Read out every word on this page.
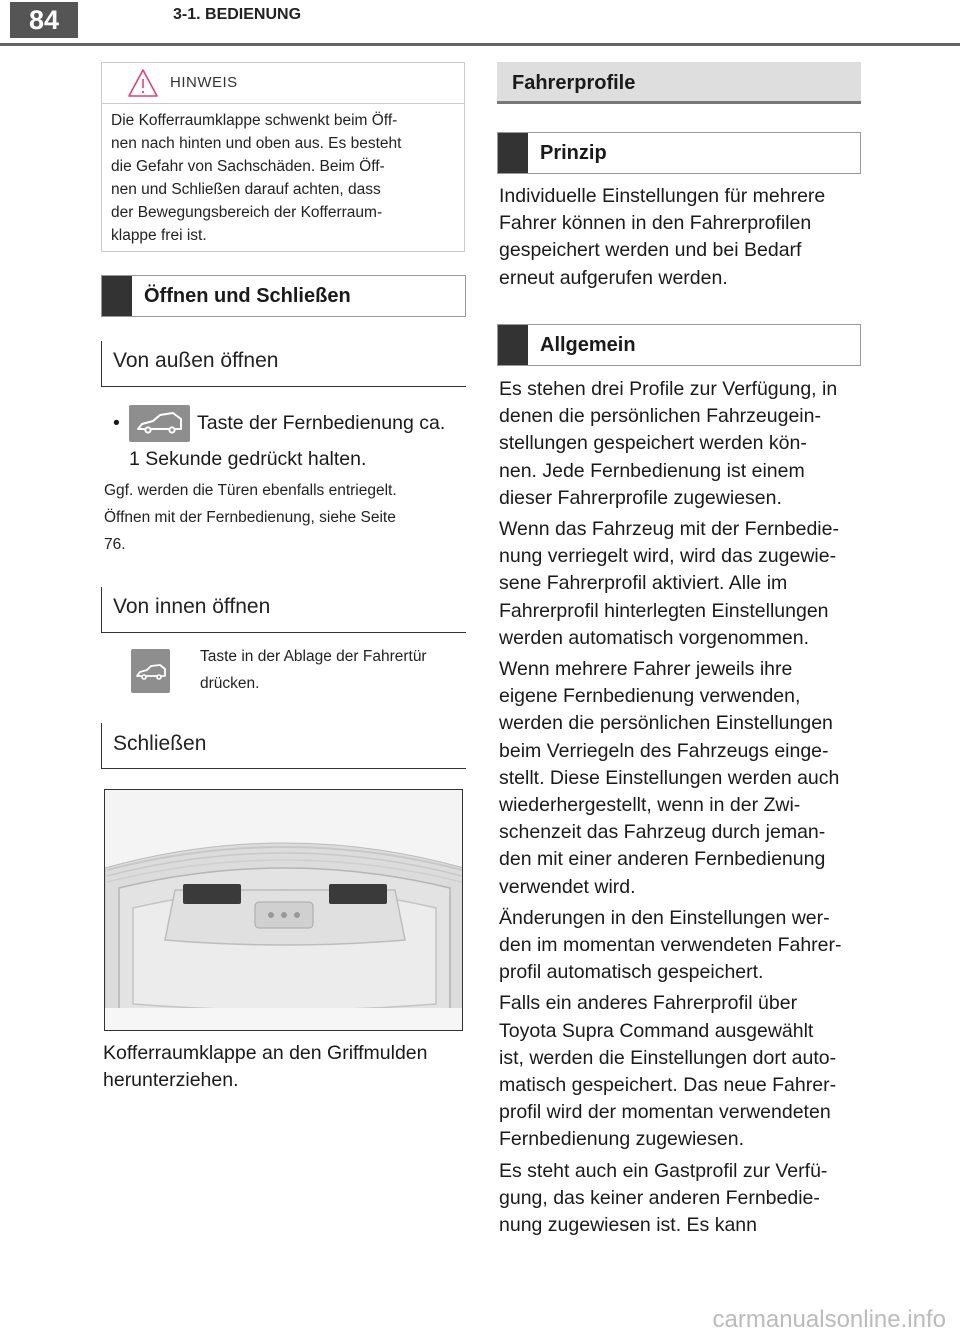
84	3-1. BEDIENUNG
HINWEIS
Die Kofferraumklappe schwenkt beim Öff-
nen nach hinten und oben aus. Es besteht
die Gefahr von Sachschäden. Beim Öff-
nen und Schließen darauf achten, dass
der Bewegungsbereich der Kofferraum-
klappe frei ist.
Öffnen und Schließen
Von außen öffnen
•	Taste der Fernbedienung ca.
1 Sekunde gedrückt halten.
Ggf. werden die Türen ebenfalls entriegelt.
Öffnen mit der Fernbedienung, siehe Seite
76.
Von innen öffnen
Taste in der Ablage der Fahrertür
drücken.
Schließen
Kofferraumklappe an den Griffmulden
herunterziehen.
Fahrerprofile
Prinzip
Individuelle Einstellungen für mehrere
Fahrer können in den Fahrerprofilen
gespeichert werden und bei Bedarf
erneut aufgerufen werden.
Allgemein
Es stehen drei Profile zur Verfügung, in
denen die persönlichen Fahrzeugein-
stellungen gespeichert werden kön-
nen. Jede Fernbedienung ist einem
dieser Fahrerprofile zugewiesen.
Wenn das Fahrzeug mit der Fernbedie-
nung verriegelt wird, wird das zugewie-
sene Fahrerprofil aktiviert. Alle im
Fahrerprofil hinterlegten Einstellungen
werden automatisch vorgenommen.
Wenn mehrere Fahrer jeweils ihre
eigene Fernbedienung verwenden,
werden die persönlichen Einstellungen
beim Verriegeln des Fahrzeugs einge-
stellt. Diese Einstellungen werden auch
wiederhergestellt, wenn in der Zwi-
schenzeit das Fahrzeug durch jeman-
den mit einer anderen Fernbedienung
verwendet wird.
Änderungen in den Einstellungen wer-
den im momentan verwendeten Fahrer-
profil automatisch gespeichert.
Falls ein anderes Fahrerprofil über
Toyota Supra Command ausgewählt
ist, werden die Einstellungen dort auto-
matisch gespeichert. Das neue Fahrer-
profil wird der momentan verwendeten
Fernbedienung zugewiesen.
Es steht auch ein Gastprofil zur Verfü-
gung, das keiner anderen Fernbedie-
nung zugewiesen ist. Es kann
carmanualsonline.info
